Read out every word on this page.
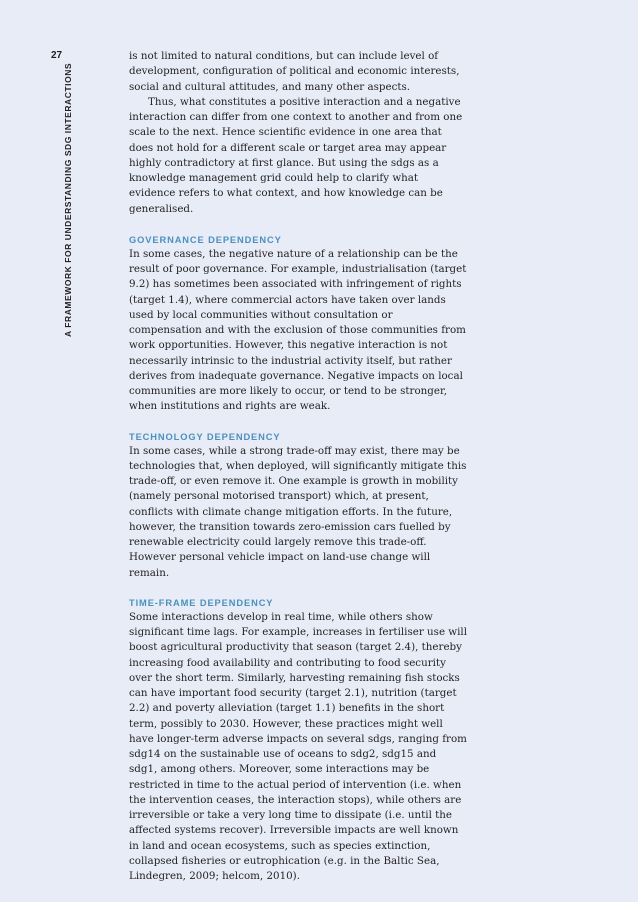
27
A FRAMEWORK FOR UNDERSTANDING SDG INTERACTIONS

is not limited to natural conditions, but can include level of development, configuration of political and economic interests, social and cultural attitudes, and many other aspects.

Thus, what constitutes a positive interaction and a negative interaction can differ from one context to another and from one scale to the next. Hence scientific evidence in one area that does not hold for a different scale or target area may appear highly contradictory at first glance. But using the sdgs as a knowledge management grid could help to clarify what evidence refers to what context, and how knowledge can be generalised.

GOVERNANCE DEPENDENCY

In some cases, the negative nature of a relationship can be the result of poor governance. For example, industrialisation (target 9.2) has sometimes been associated with infringement of rights (target 1.4), where commercial actors have taken over lands used by local communities without consultation or compensation and with the exclusion of those communities from work opportunities. However, this negative interaction is not necessarily intrinsic to the industrial activity itself, but rather derives from inadequate governance. Negative impacts on local communities are more likely to occur, or tend to be stronger, when institutions and rights are weak.

TECHNOLOGY DEPENDENCY

In some cases, while a strong trade-off may exist, there may be technologies that, when deployed, will significantly mitigate this trade-off, or even remove it. One example is growth in mobility (namely personal motorised transport) which, at present, conflicts with climate change mitigation efforts. In the future, however, the transition towards zero-emission cars fuelled by renewable electricity could largely remove this trade-off. However personal vehicle impact on land-use change will remain.

TIME-FRAME DEPENDENCY

Some interactions develop in real time, while others show significant time lags. For example, increases in fertiliser use will boost agricultural productivity that season (target 2.4), thereby increasing food availability and contributing to food security over the short term. Similarly, harvesting remaining fish stocks can have important food security (target 2.1), nutrition (target 2.2) and poverty alleviation (target 1.1) benefits in the short term, possibly to 2030. However, these practices might well have longer-term adverse impacts on several sdgs, ranging from sdg14 on the sustainable use of oceans to sdg2, sdg15 and sdg1, among others. Moreover, some interactions may be restricted in time to the actual period of intervention (i.e. when the intervention ceases, the interaction stops), while others are irreversible or take a very long time to dissipate (i.e. until the affected systems recover). Irreversible impacts are well known in land and ocean ecosystems, such as species extinction, collapsed fisheries or eutrophication (e.g. in the Baltic Sea, Lindegren, 2009; helcom, 2010).
